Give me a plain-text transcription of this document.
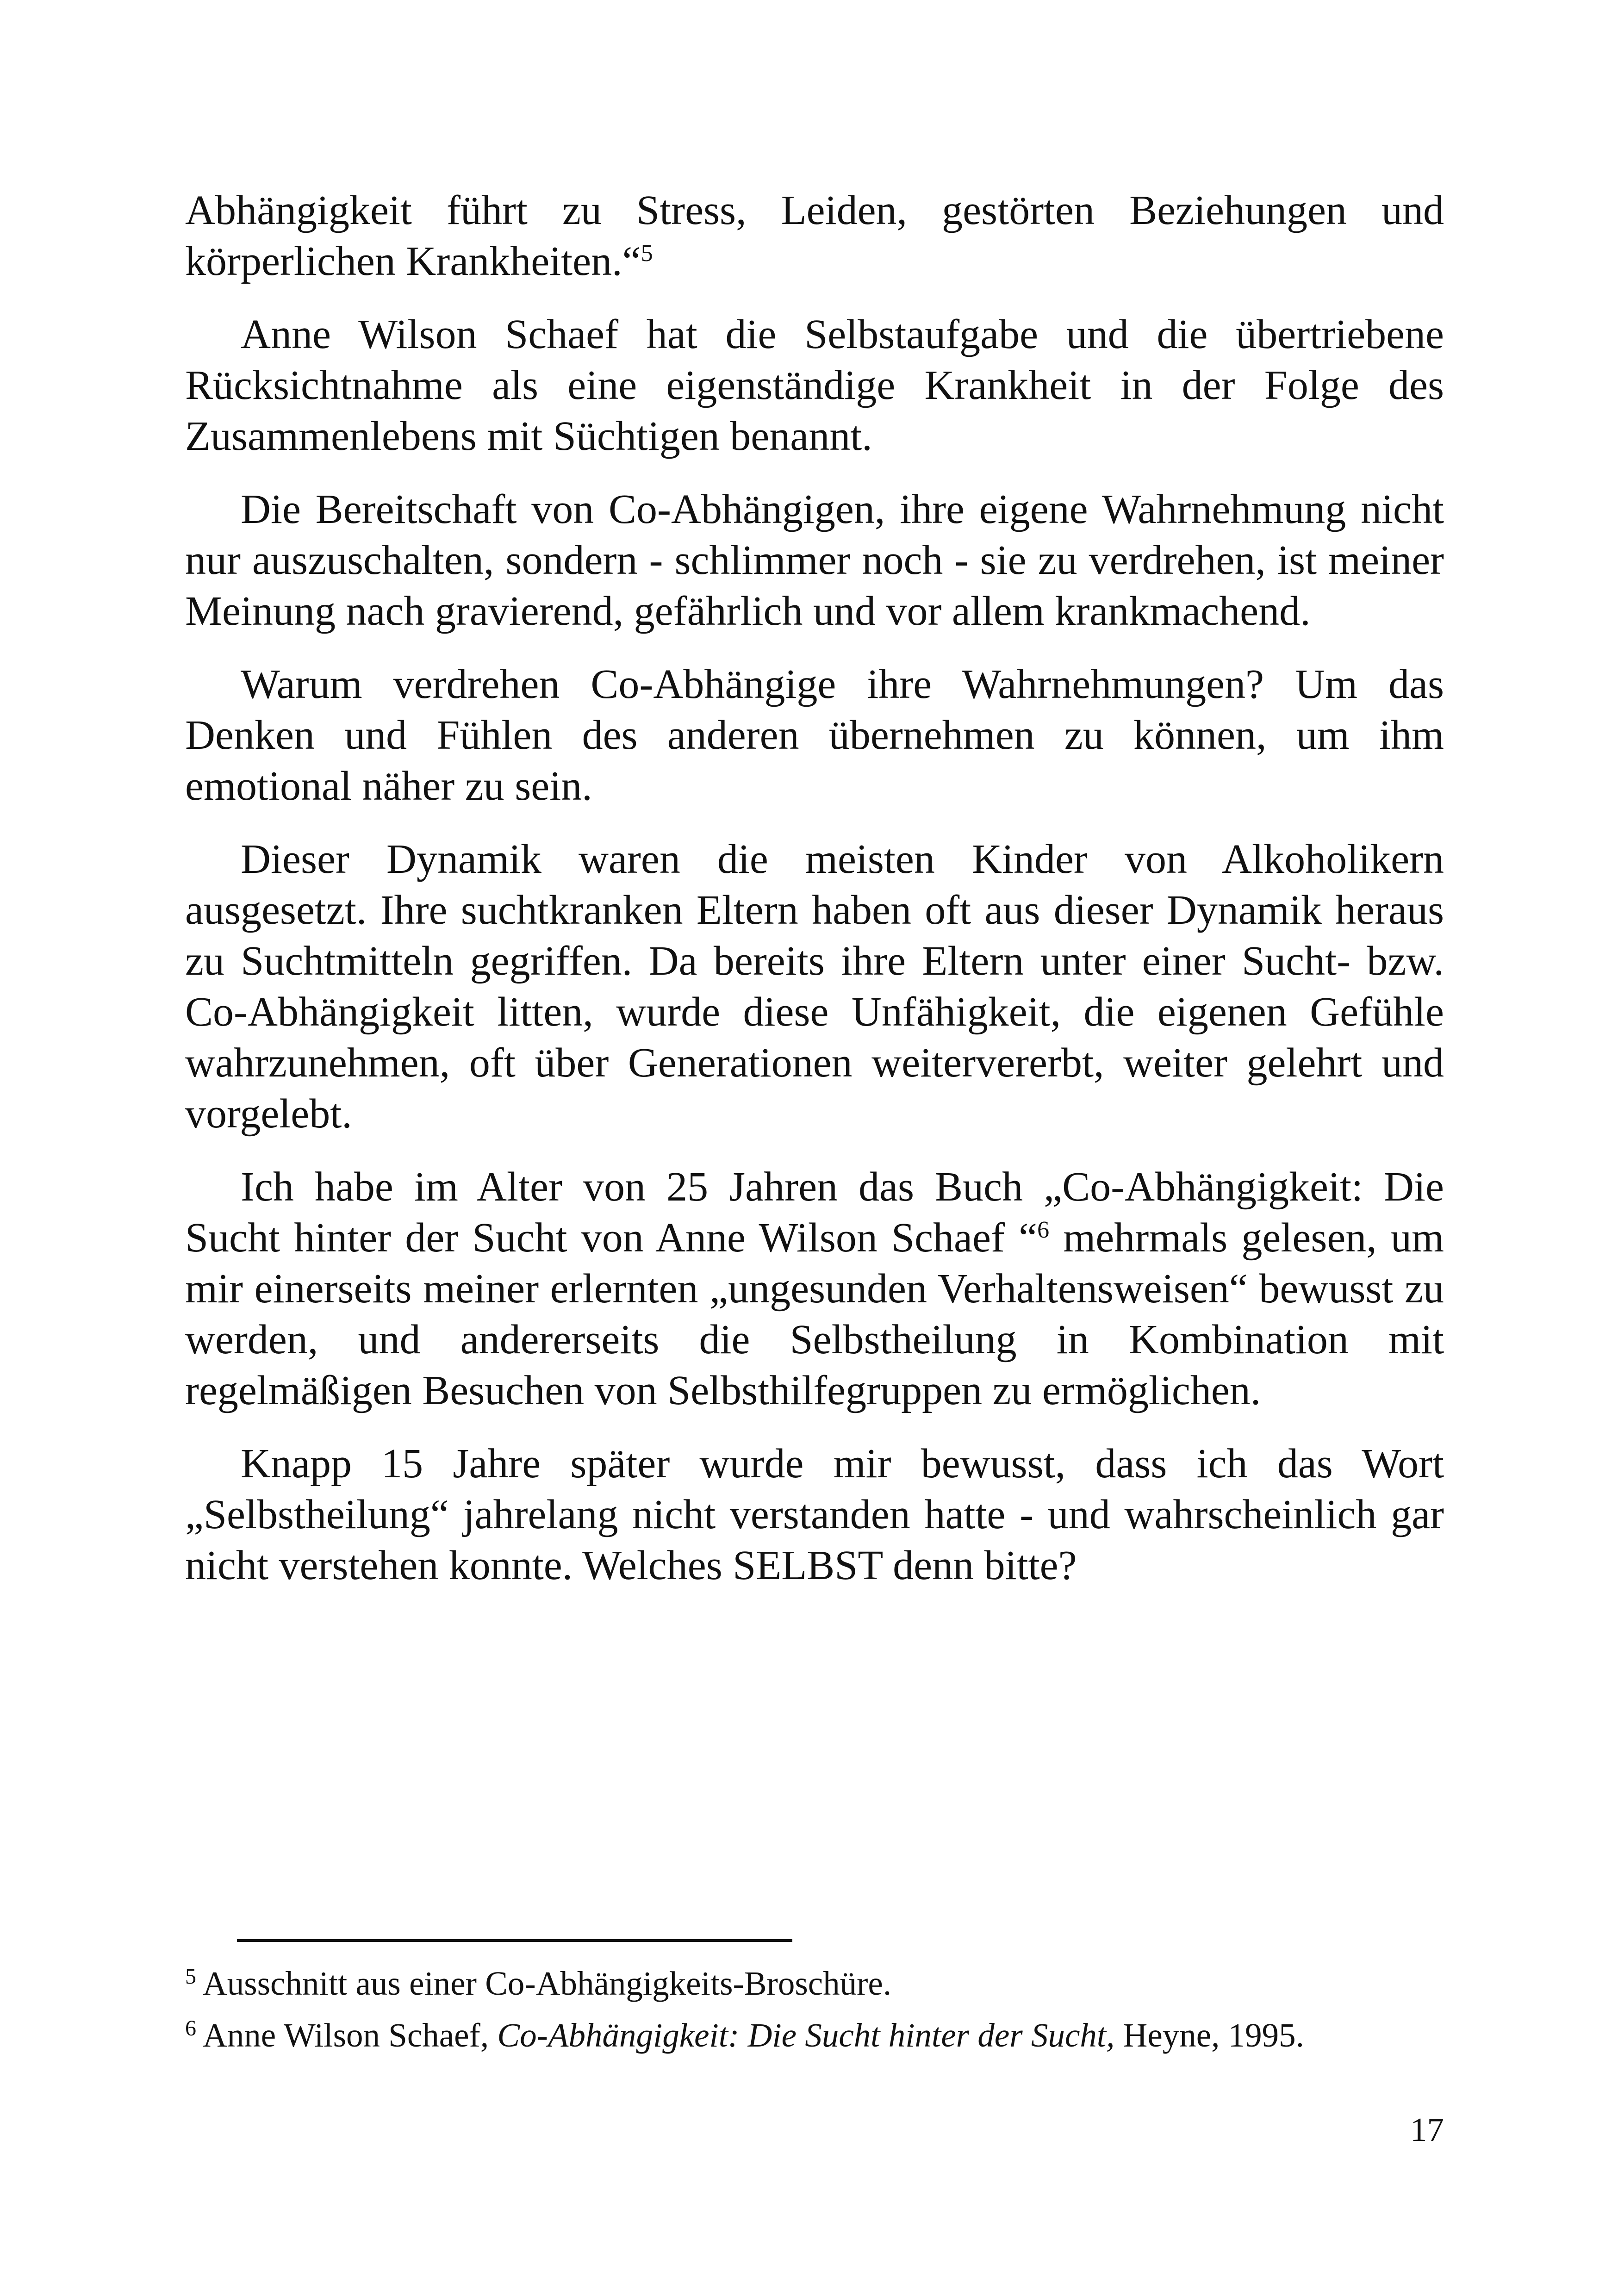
Abhängigkeit führt zu Stress, Leiden, gestörten Beziehungen und körperlichen Krankheiten.“$^5$

Anne Wilson Schaef hat die Selbstaufgabe und die übertriebene Rücksichtnahme als eine eigenständige Krankheit in der Folge des Zusammenlebens mit Süchtigen benannt.

Die Bereitschaft von Co-Abhängigen, ihre eigene Wahrnehmung nicht nur auszuschalten, sondern - schlimmer noch - sie zu verdrehen, ist meiner Meinung nach gravierend, gefährlich und vor allem krankmachend.

Warum verdrehen Co-Abhängige ihre Wahrnehmungen? Um das Denken und Fühlen des anderen übernehmen zu können, um ihm emotional näher zu sein.

Dieser Dynamik waren die meisten Kinder von Alkoholikern ausgesetzt. Ihre suchtkranken Eltern haben oft aus dieser Dynamik heraus zu Suchtmitteln gegriffen. Da bereits ihre Eltern unter einer Sucht- bzw. Co-Abhängigkeit litten, wurde diese Unfähigkeit, die eigenen Gefühle wahrzunehmen, oft über Generationen weitervererbt, weiter gelehrt und vorgelebt.

Ich habe im Alter von 25 Jahren das Buch „Co-Abhängigkeit: Die Sucht hinter der Sucht von Anne Wilson Schaef “$^6$ mehrmals gelesen, um mir einerseits meiner erlernten „ungesunden Verhaltensweisen“ bewusst zu werden, und andererseits die Selbstheilung in Kombination mit regelmäßigen Besuchen von Selbsthilfegruppen zu ermöglichen.

Knapp 15 Jahre später wurde mir bewusst, dass ich das Wort „Selbstheilung“ jahrelang nicht verstanden hatte - und wahrscheinlich gar nicht verstehen konnte. Welches SELBST denn bitte?

$^5$ Ausschnitt aus einer Co-Abhängigkeits-Broschüre.

$^6$ Anne Wilson Schaef, Co-Abhängigkeit: Die Sucht hinter der Sucht, Heyne, 1995.

17
